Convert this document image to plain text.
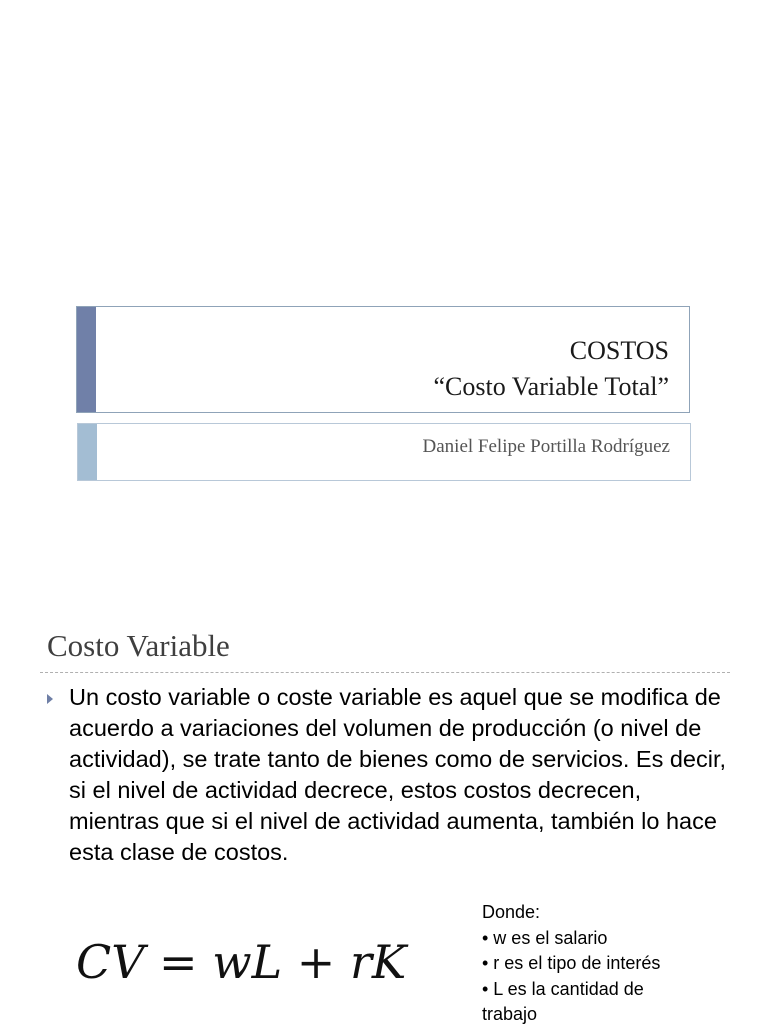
COSTOS
“Costo Variable Total”
Daniel Felipe Portilla Rodríguez
Costo Variable
Un costo variable o coste variable es aquel que se modifica de acuerdo a variaciones del volumen de producción (o nivel de actividad), se trate tanto de bienes como de servicios. Es decir, si el nivel de actividad decrece, estos costos decrecen, mientras que si el nivel de actividad aumenta, también lo hace esta clase de costos.
CV = wL + rK
Donde:
• w es el salario
• r es el tipo de interés
• L es la cantidad de
trabajo
